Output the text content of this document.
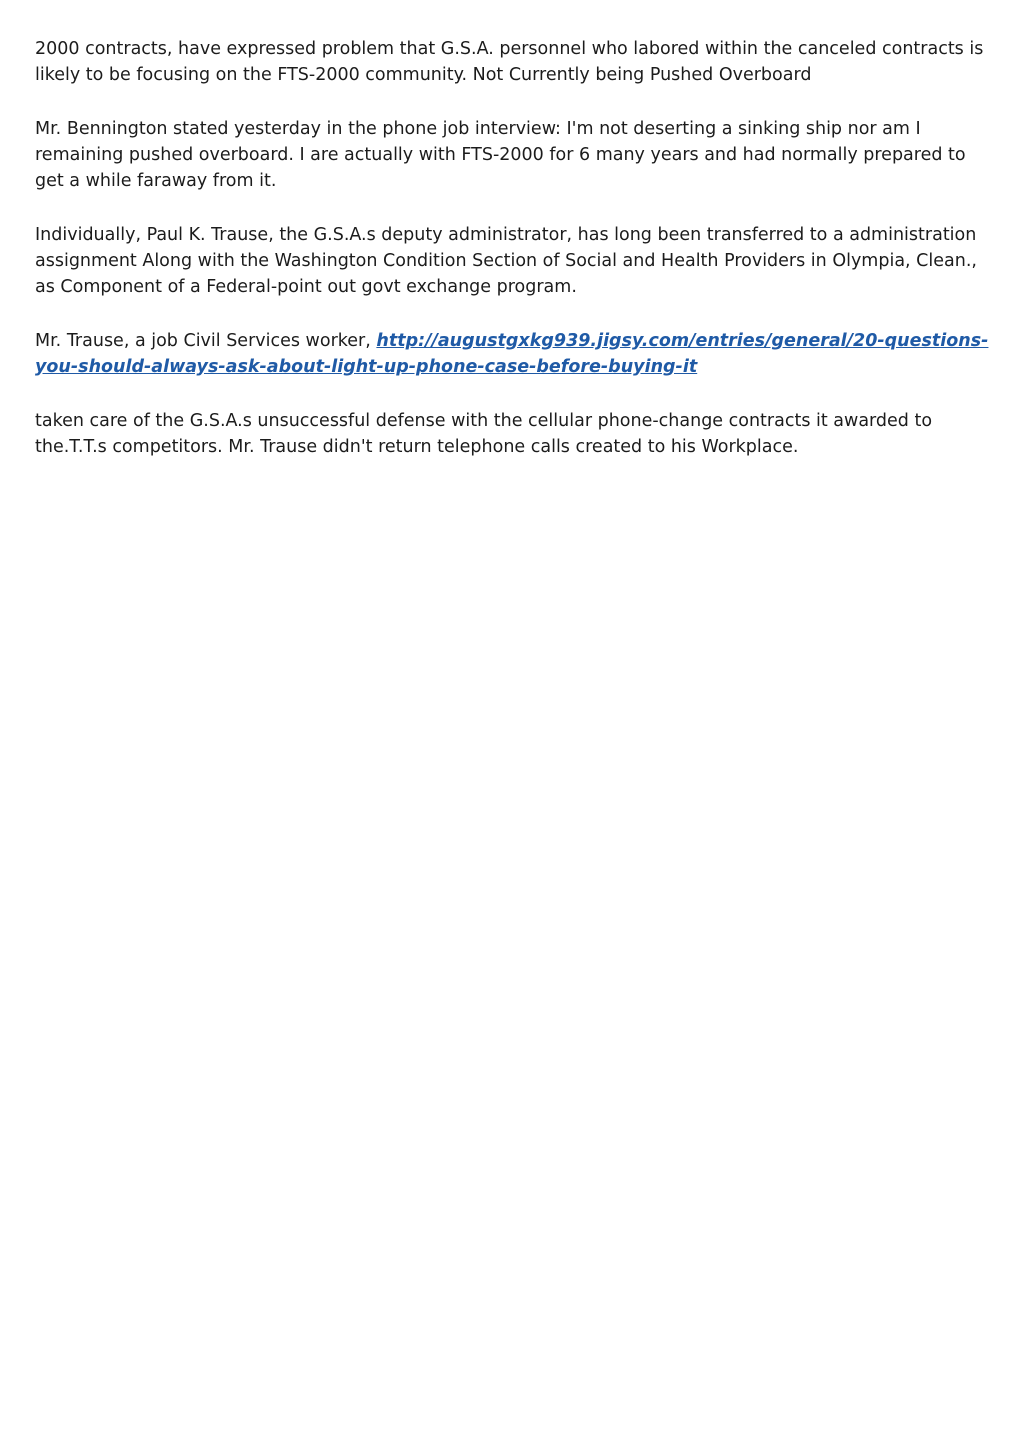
2000 contracts, have expressed problem that G.S.A. personnel who labored within the canceled contracts is likely to be focusing on the FTS-2000 community. Not Currently being Pushed Overboard

Mr. Bennington stated yesterday in the phone job interview: I'm not deserting a sinking ship nor am I remaining pushed overboard. I are actually with FTS-2000 for 6 many years and had normally prepared to get a while faraway from it.

Individually, Paul K. Trause, the G.S.A.s deputy administrator, has long been transferred to a administration assignment Along with the Washington Condition Section of Social and Health Providers in Olympia, Clean., as Component of a Federal-point out govt exchange program.

Mr. Trause, a job Civil Services worker, http://augustgxkg939.jigsy.com/entries/general/20-questions-you-should-always-ask-about-light-up-phone-case-before-buying-it

taken care of the G.S.A.s unsuccessful defense with the cellular phone-change contracts it awarded to the.T.T.s competitors. Mr. Trause didn't return telephone calls created to his Workplace.
